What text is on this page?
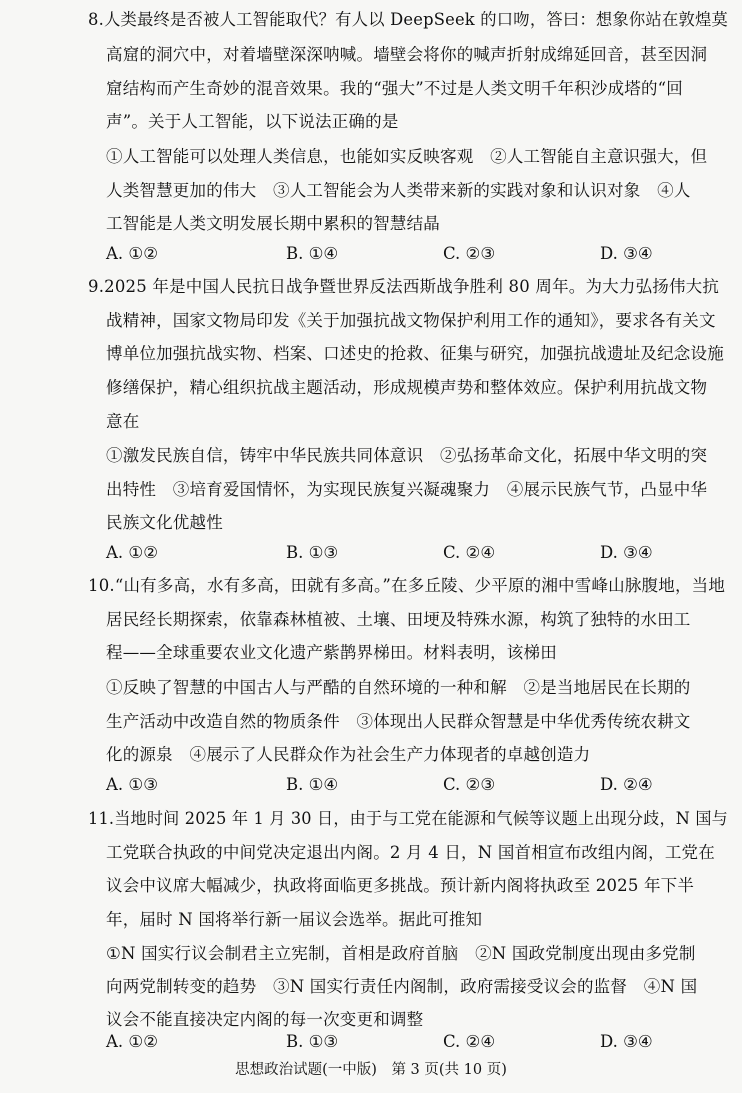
8.人类最终是否被人工智能取代？有人以 DeepSeek 的口吻，答曰：想象你站在敦煌莫
高窟的洞穴中，对着墙壁深深呐喊。墙壁会将你的喊声折射成绵延回音，甚至因洞
窟结构而产生奇妙的混音效果。我的“强大”不过是人类文明千年积沙成塔的“回
声”。关于人工智能，以下说法正确的是
①人工智能可以处理人类信息，也能如实反映客观　②人工智能自主意识强大，但
人类智慧更加的伟大　③人工智能会为人类带来新的实践对象和认识对象　④人
工智能是人类文明发展长期中累积的智慧结晶
A. ①②	B. ①④	C. ②③	D. ③④
9.2025 年是中国人民抗日战争暨世界反法西斯战争胜利 80 周年。为大力弘扬伟大抗
战精神，国家文物局印发《关于加强抗战文物保护利用工作的通知》，要求各有关文
博单位加强抗战实物、档案、口述史的抢救、征集与研究，加强抗战遗址及纪念设施
修缮保护，精心组织抗战主题活动，形成规模声势和整体效应。保护利用抗战文物
意在
①激发民族自信，铸牢中华民族共同体意识　②弘扬革命文化，拓展中华文明的突
出特性　③培育爱国情怀，为实现民族复兴凝魂聚力　④展示民族气节，凸显中华
民族文化优越性
A. ①②	B. ①③	C. ②④	D. ③④
10.“山有多高，水有多高，田就有多高。”在多丘陵、少平原的湘中雪峰山脉腹地，当地
居民经长期探索，依靠森林植被、土壤、田埂及特殊水源，构筑了独特的水田工
程——全球重要农业文化遗产紫鹊界梯田。材料表明，该梯田
①反映了智慧的中国古人与严酷的自然环境的一种和解　②是当地居民在长期的
生产活动中改造自然的物质条件　③体现出人民群众智慧是中华优秀传统农耕文
化的源泉　④展示了人民群众作为社会生产力体现者的卓越创造力
A. ①③	B. ①④	C. ②③	D. ②④
11.当地时间 2025 年 1 月 30 日，由于与工党在能源和气候等议题上出现分歧，N 国与
工党联合执政的中间党决定退出内阁。2 月 4 日，N 国首相宣布改组内阁，工党在
议会中议席大幅减少，执政将面临更多挑战。预计新内阁将执政至 2025 年下半
年，届时 N 国将举行新一届议会选举。据此可推知
①N 国实行议会制君主立宪制，首相是政府首脑　②N 国政党制度出现由多党制
向两党制转变的趋势　③N 国实行责任内阁制，政府需接受议会的监督　④N 国
议会不能直接决定内阁的每一次变更和调整
A. ①②	B. ①③	C. ②④	D. ③④
思想政治试题(一中版)　第 3 页(共 10 页)
